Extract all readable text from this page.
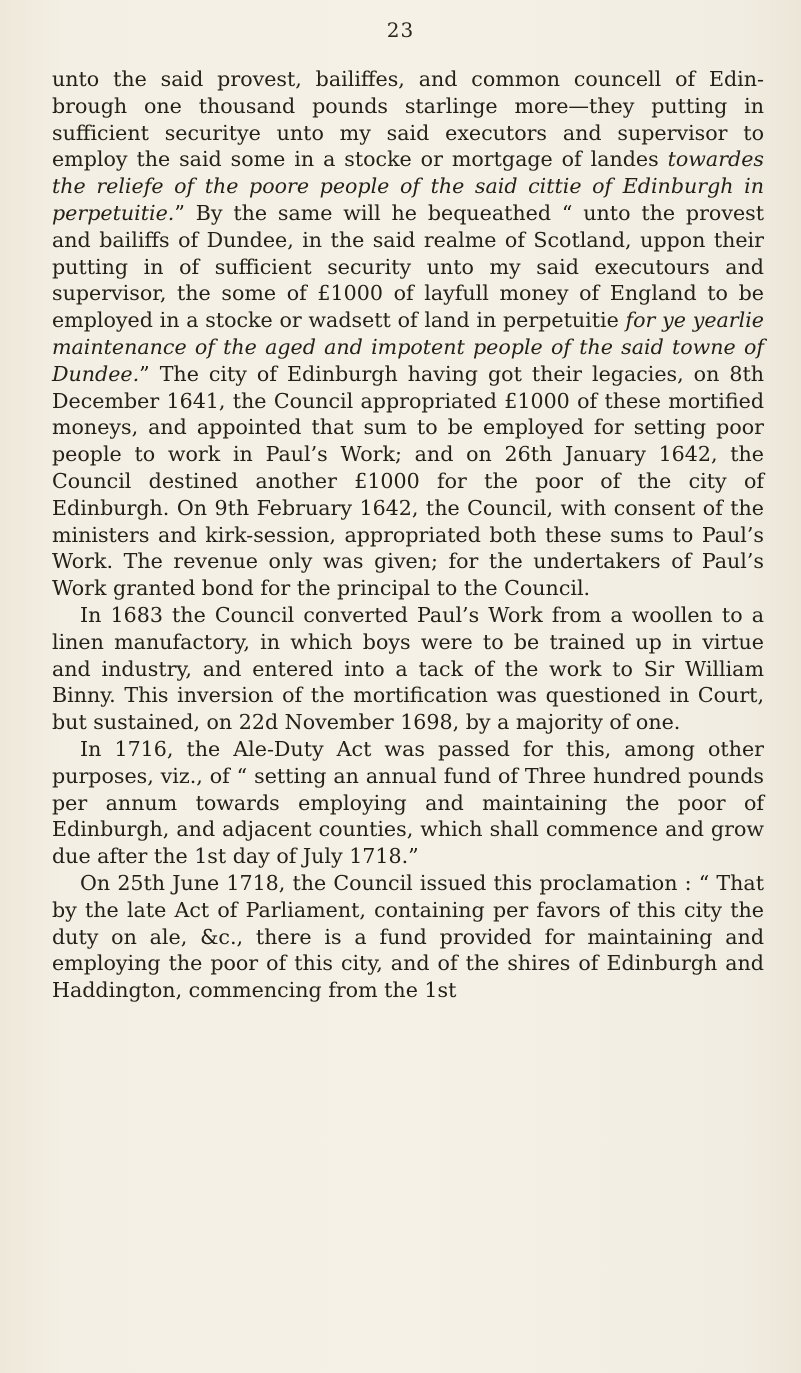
23

unto the said provest, bailiffes, and common councell of Edinbrough one thousand pounds starlinge more—they putting in sufficient securitye unto my said executors and supervisor to employ the said some in a stocke or mortgage of landes towardes the reliefe of the poore people of the said cittie of Edinburgh in perpetuitie.” By the same will he bequeathed “ unto the provest and bailiffs of Dundee, in the said realme of Scotland, uppon their putting in of sufficient security unto my said executours and supervisor, the some of £1000 of layfull money of England to be employed in a stocke or wadsett of land in perpetuitie for ye yearlie maintenance of the aged and impotent people of the said towne of Dundee.” The city of Edinburgh having got their legacies, on 8th December 1641, the Council appropriated £1000 of these mortified moneys, and appointed that sum to be employed for setting poor people to work in Paul’s Work; and on 26th January 1642, the Council destined another £1000 for the poor of the city of Edinburgh. On 9th February 1642, the Council, with consent of the ministers and kirk-session, appropriated both these sums to Paul’s Work. The revenue only was given; for the undertakers of Paul’s Work granted bond for the principal to the Council.

In 1683 the Council converted Paul’s Work from a woollen to a linen manufactory, in which boys were to be trained up in virtue and industry, and entered into a tack of the work to Sir William Binny. This inversion of the mortification was questioned in Court, but sustained, on 22d November 1698, by a majority of one.

In 1716, the Ale-Duty Act was passed for this, among other purposes, viz., of “ setting an annual fund of Three hundred pounds per annum towards employing and maintaining the poor of Edinburgh, and adjacent counties, which shall commence and grow due after the 1st day of July 1718.”

On 25th June 1718, the Council issued this proclamation : “ That by the late Act of Parliament, containing per favors of this city the duty on ale, &c., there is a fund provided for maintaining and employing the poor of this city, and of the shires of Edinburgh and Haddington, commencing from the 1st
